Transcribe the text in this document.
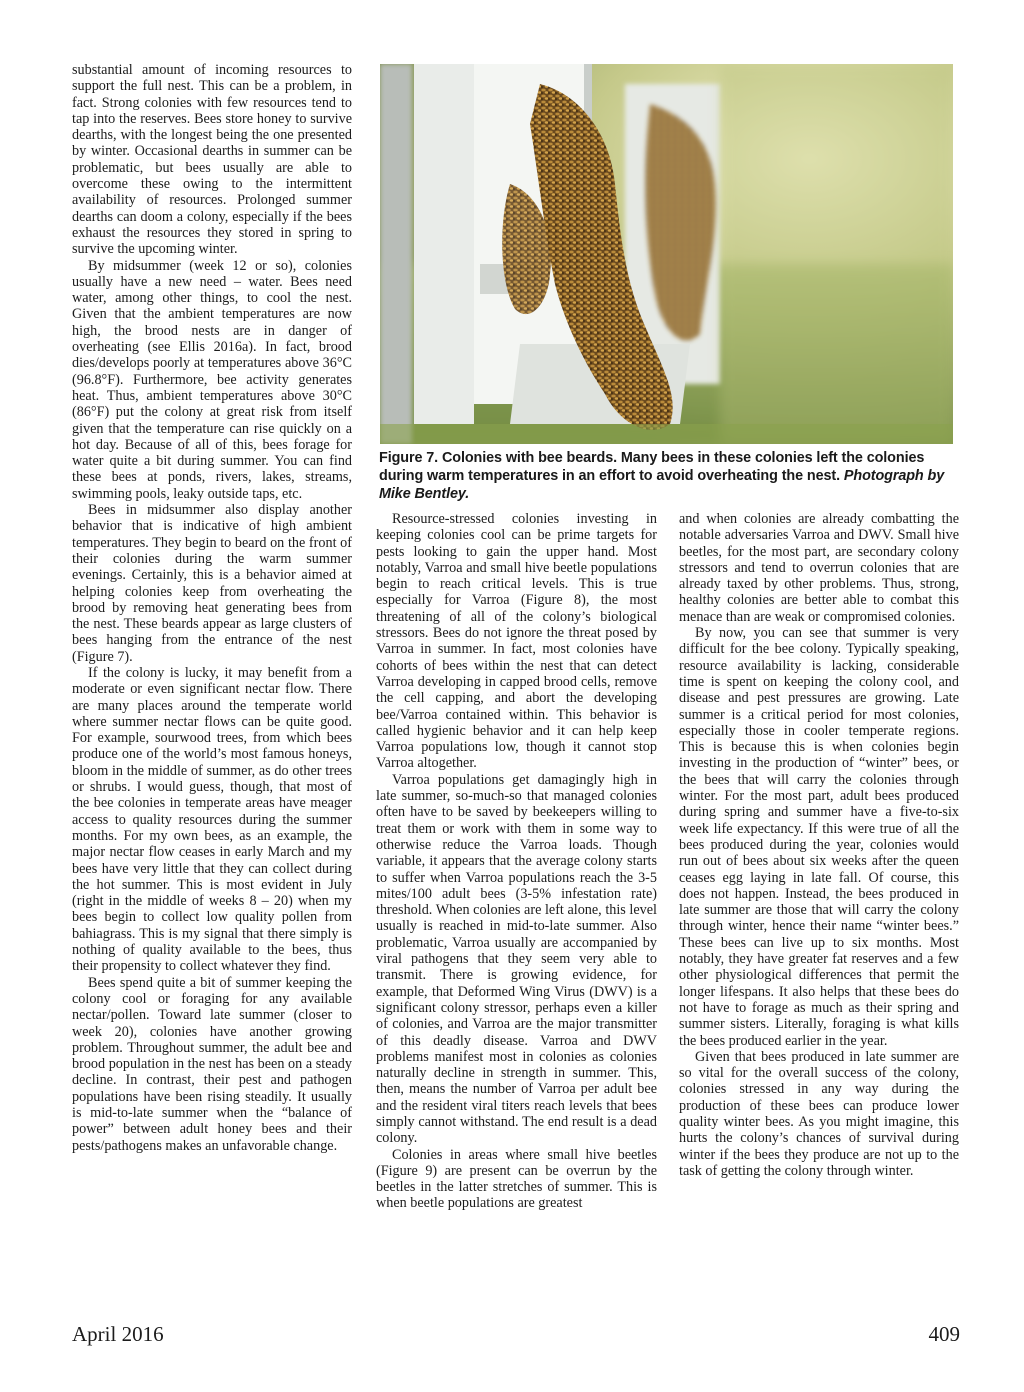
substantial amount of incoming resources to support the full nest. This can be a problem, in fact. Strong colonies with few resources tend to tap into the reserves. Bees store honey to survive dearths, with the longest being the one presented by winter. Occasional dearths in summer can be problematic, but bees usually are able to overcome these owing to the intermittent availability of resources. Prolonged summer dearths can doom a colony, especially if the bees exhaust the resources they stored in spring to survive the upcoming winter.

By midsummer (week 12 or so), colonies usually have a new need – water. Bees need water, among other things, to cool the nest. Given that the ambient temperatures are now high, the brood nests are in danger of overheating (see Ellis 2016a). In fact, brood dies/develops poorly at temperatures above 36°C (96.8°F). Furthermore, bee activity generates heat. Thus, ambient temperatures above 30°C (86°F) put the colony at great risk from itself given that the temperature can rise quickly on a hot day. Because of all of this, bees forage for water quite a bit during summer. You can find these bees at ponds, rivers, lakes, streams, swimming pools, leaky outside taps, etc.

Bees in midsummer also display another behavior that is indicative of high ambient temperatures. They begin to beard on the front of their colonies during the warm summer evenings. Certainly, this is a behavior aimed at helping colonies keep from overheating the brood by removing heat generating bees from the nest. These beards appear as large clusters of bees hanging from the entrance of the nest (Figure 7).

If the colony is lucky, it may benefit from a moderate or even significant nectar flow. There are many places around the temperate world where summer nectar flows can be quite good. For example, sourwood trees, from which bees produce one of the world’s most famous honeys, bloom in the middle of summer, as do other trees or shrubs. I would guess, though, that most of the bee colonies in temperate areas have meager access to quality resources during the summer months. For my own bees, as an example, the major nectar flow ceases in early March and my bees have very little that they can collect during the hot summer. This is most evident in July (right in the middle of weeks 8 – 20) when my bees begin to collect low quality pollen from bahiagrass. This is my signal that there simply is nothing of quality available to the bees, thus their propensity to collect whatever they find.

Bees spend quite a bit of summer keeping the colony cool or foraging for any available nectar/pollen. Toward late summer (closer to week 20), colonies have another growing problem. Throughout summer, the adult bee and brood population in the nest has been on a steady decline. In contrast, their pest and pathogen populations have been rising steadily. It usually is mid-to-late summer when the “balance of power” between adult honey bees and their pests/pathogens makes an unfavorable change.

Figure 7. Colonies with bee beards. Many bees in these colonies left the colonies during warm temperatures in an effort to avoid overheating the nest. Photograph by Mike Bentley.

Resource-stressed colonies investing in keeping colonies cool can be prime targets for pests looking to gain the upper hand. Most notably, Varroa and small hive beetle populations begin to reach critical levels. This is true especially for Varroa (Figure 8), the most threatening of all of the colony’s biological stressors. Bees do not ignore the threat posed by Varroa in summer. In fact, most colonies have cohorts of bees within the nest that can detect Varroa developing in capped brood cells, remove the cell capping, and abort the developing bee/Varroa contained within. This behavior is called hygienic behavior and it can help keep Varroa populations low, though it cannot stop Varroa altogether.

Varroa populations get damagingly high in late summer, so-much-so that managed colonies often have to be saved by beekeepers willing to treat them or work with them in some way to otherwise reduce the Varroa loads. Though variable, it appears that the average colony starts to suffer when Varroa populations reach the 3-5 mites/100 adult bees (3-5% infestation rate) threshold. When colonies are left alone, this level usually is reached in mid-to-late summer. Also problematic, Varroa usually are accompanied by viral pathogens that they seem very able to transmit. There is growing evidence, for example, that Deformed Wing Virus (DWV) is a significant colony stressor, perhaps even a killer of colonies, and Varroa are the major transmitter of this deadly disease. Varroa and DWV problems manifest most in colonies as colonies naturally decline in strength in summer. This, then, means the number of Varroa per adult bee and the resident viral titers reach levels that bees simply cannot withstand. The end result is a dead colony.

Colonies in areas where small hive beetles (Figure 9) are present can be overrun by the beetles in the latter stretches of summer. This is when beetle populations are greatest

and when colonies are already combatting the notable adversaries Varroa and DWV. Small hive beetles, for the most part, are secondary colony stressors and tend to overrun colonies that are already taxed by other problems. Thus, strong, healthy colonies are better able to combat this menace than are weak or compromised colonies.

By now, you can see that summer is very difficult for the bee colony. Typically speaking, resource availability is lacking, considerable time is spent on keeping the colony cool, and disease and pest pressures are growing. Late summer is a critical period for most colonies, especially those in cooler temperate regions. This is because this is when colonies begin investing in the production of “winter” bees, or the bees that will carry the colonies through winter. For the most part, adult bees produced during spring and summer have a five-to-six week life expectancy. If this were true of all the bees produced during the year, colonies would run out of bees about six weeks after the queen ceases egg laying in late fall. Of course, this does not happen. Instead, the bees produced in late summer are those that will carry the colony through winter, hence their name “winter bees.” These bees can live up to six months. Most notably, they have greater fat reserves and a few other physiological differences that permit the longer lifespans. It also helps that these bees do not have to forage as much as their spring and summer sisters. Literally, foraging is what kills the bees produced earlier in the year.

Given that bees produced in late summer are so vital for the overall success of the colony, colonies stressed in any way during the production of these bees can produce lower quality winter bees. As you might imagine, this hurts the colony’s chances of survival during winter if the bees they produce are not up to the task of getting the colony through winter.

April 2016	409
